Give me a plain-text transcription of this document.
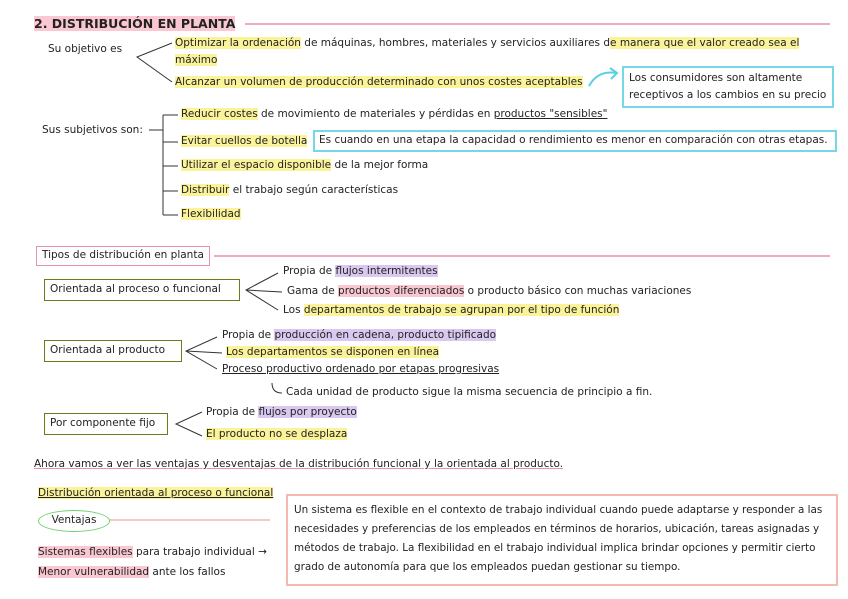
2. DISTRIBUCIÓN EN PLANTA
Su objetivo es	Optimizar la ordenación de máquinas, hombres, materiales y servicios auxiliares de manera que el valor creado sea el
máximo
Alcanzar un volumen de producción determinado con unos costes aceptables	Los consumidores son altamente
receptivos a los cambios en su precio
Sus subjetivos son:
Reducir costes de movimiento de materiales y pérdidas en productos "sensibles"
Evitar cuellos de botella	Es cuando en una etapa la capacidad o rendimiento es menor en comparación con otras etapas.
Utilizar el espacio disponible de la mejor forma
Distribuir el trabajo según características
Flexibilidad
Tipos de distribución en planta
Orientada al proceso o funcional
Propia de flujos intermitentes
Gama de productos diferenciados o producto básico con muchas variaciones
Los departamentos de trabajo se agrupan por el tipo de función
Orientada al producto
Propia de producción en cadena, producto tipificado
Los departamentos se disponen en línea
Proceso productivo ordenado por etapas progresivas
Cada unidad de producto sigue la misma secuencia de principio a fin.
Por componente fijo
Propia de flujos por proyecto
El producto no se desplaza
Ahora vamos a ver las ventajas y desventajas de la distribución funcional y la orientada al producto.
Distribución orientada al proceso o funcional
Ventajas
Sistemas flexibles para trabajo individual →
Menor vulnerabilidad ante los fallos
Un sistema es flexible en el contexto de trabajo individual cuando puede adaptarse y responder a las
necesidades y preferencias de los empleados en términos de horarios, ubicación, tareas asignadas y
métodos de trabajo. La flexibilidad en el trabajo individual implica brindar opciones y permitir cierto
grado de autonomía para que los empleados puedan gestionar su tiempo.
